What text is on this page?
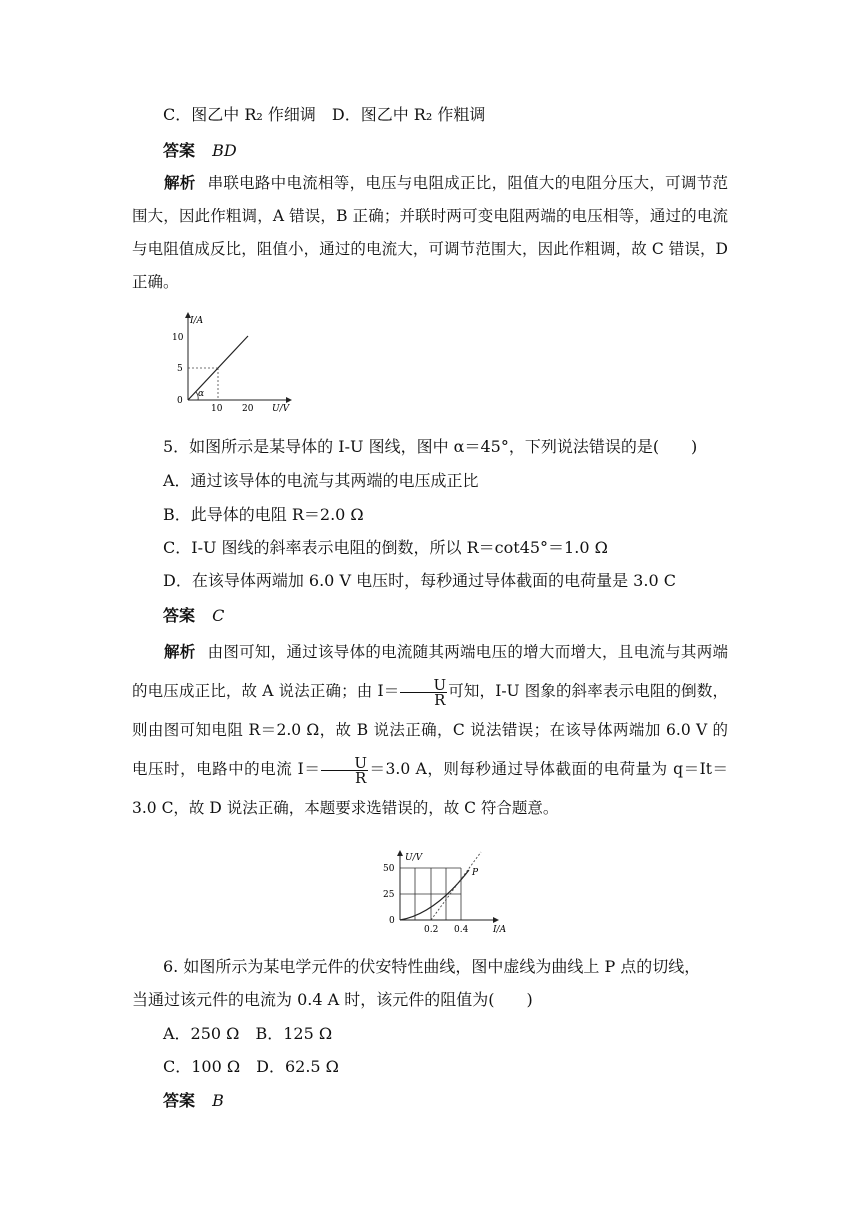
C．图乙中 R₂ 作细调　D．图乙中 R₂ 作粗调
答案 BD
解析 串联电路中电流相等，电压与电阻成正比，阻值大的电阻分压大，可调节范围大，因此作粗调，A 错误，B 正确；并联时两可变电阻两端的电压相等，通过的电流与电阻值成反比，阻值小，通过的电流大，可调节范围大，因此作粗调，故 C 错误，D 正确。
α
I/A
U/V
10
5
0
10 20
5．如图所示是某导体的 I-U 图线，图中 α＝45°，下列说法错误的是(　　)
A．通过该导体的电流与其两端的电压成正比
B．此导体的电阻 R＝2.0 Ω
C．I-U 图线的斜率表示电阻的倒数，所以 R＝cot45°＝1.0 Ω
D．在该导体两端加 6.0 V 电压时，每秒通过导体截面的电荷量是 3.0 C
答案 C
解析 由图可知，通过该导体的电流随其两端电压的增大而增大，且电流与其两端的电压成正比，故 A 说法正确；由 $I= \frac{U}{R}$ 可知，I-U 图象的斜率表示电阻的倒数，则由图可知电阻 R＝2.0 Ω，故 B 说法正确，C 说法错误；在该导体两端加 6.0 V 的电压时，电路中的电流 $I= \frac{U}{R} =3.0$ A，则每秒通过导体截面的电荷量为 q＝It＝3.0 C，故 D 说法正确，本题要求选错误的，故 C 符合题意。
P
U/V
I/A
50
25
0
0.2 0.4
6. 如图所示为某电学元件的伏安特性曲线，图中虚线为曲线上 P 点的切线，
当通过该元件的电流为 0.4 A 时，该元件的阻值为(　　)
A．250 Ω　B．125 Ω
C．100 Ω　D．62.5 Ω
答案 B
